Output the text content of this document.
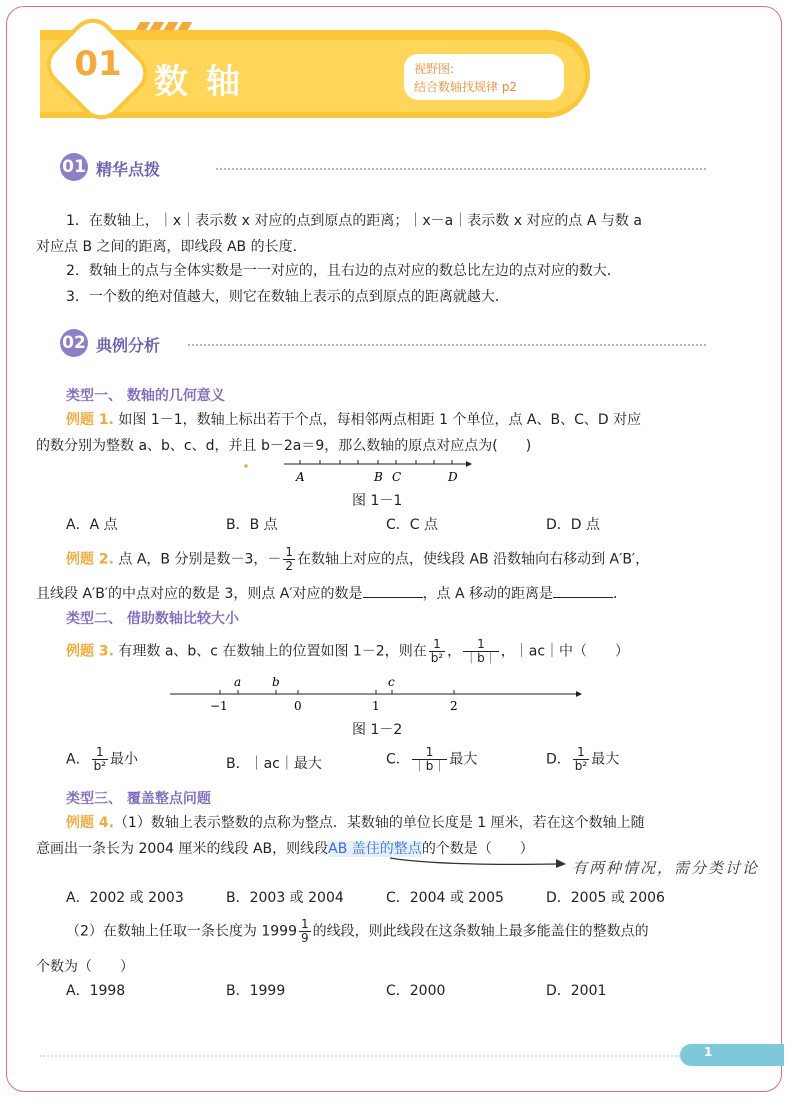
01 数轴	视野图:
结合数轴找规律 p2
01 精华点拨
1．在数轴上，｜x｜表示数 x 对应的点到原点的距离；｜x－a｜表示数 x 对应的点 A 与数 a
对应点 B 之间的距离，即线段 AB 的长度．
2．数轴上的点与全体实数是一一对应的，且右边的点对应的数总比左边的点对应的数大．
3．一个数的绝对值越大，则它在数轴上表示的点到原点的距离就越大．
02 典例分析
类型一、 数轴的几何意义
例题 1. 如图 1－1，数轴上标出若干个点，每相邻两点相距 1 个单位，点 A、B、C、D 对应
的数分别为整数 a、b、c、d，并且 b－2a＝9，那么数轴的原点对应点为(　　)
A	B C	D
图 1－1
A．A 点	B．B 点	C．C 点	D．D 点
例题 2. 点 A，B 分别是数－3，－ $\frac{1}{2}$ 在数轴上对应的点，使线段 AB 沿数轴向右移动到 A′B′，
且线段 A′B′的中点对应的数是 3，则点 A′对应的数是	，点 A 移动的距离是	．
类型二、 借助数轴比较大小
例题 3. 有理数 a、b、c 在数轴上的位置如图 1－2，则在 $\frac{1}{\text{b²}}$ ， $\frac{1}{|b|}$ ，｜ac｜中（　　）
a	b	c
−1	0	1	2
图 1－2
A． $\frac{1}{\text{b²}}$ 最小	B．｜ac｜最大	C． $\frac{1}{|b|}$ 最大	D． $\frac{1}{\text{b²}}$ 最大
类型三、 覆盖整点问题
例题 4.（1）数轴上表示整数的点称为整点．某数轴的单位长度是 1 厘米，若在这个数轴上随
意画出一条长为 2004 厘米的线段 AB，则线段AB 盖住的整点的个数是（　　）
有两种情况，需分类讨论
A．2002 或 2003	B．2003 或 2004	C．2004 或 2005	D．2005 或 2006
（2）在数轴上任取一条长度为 $1999 \frac{1}{9}$ 的线段，则此线段在这条数轴上最多能盖住的整数点的
个数为（　　）
A．1998	B．1999	C．2000	D．2001
1
